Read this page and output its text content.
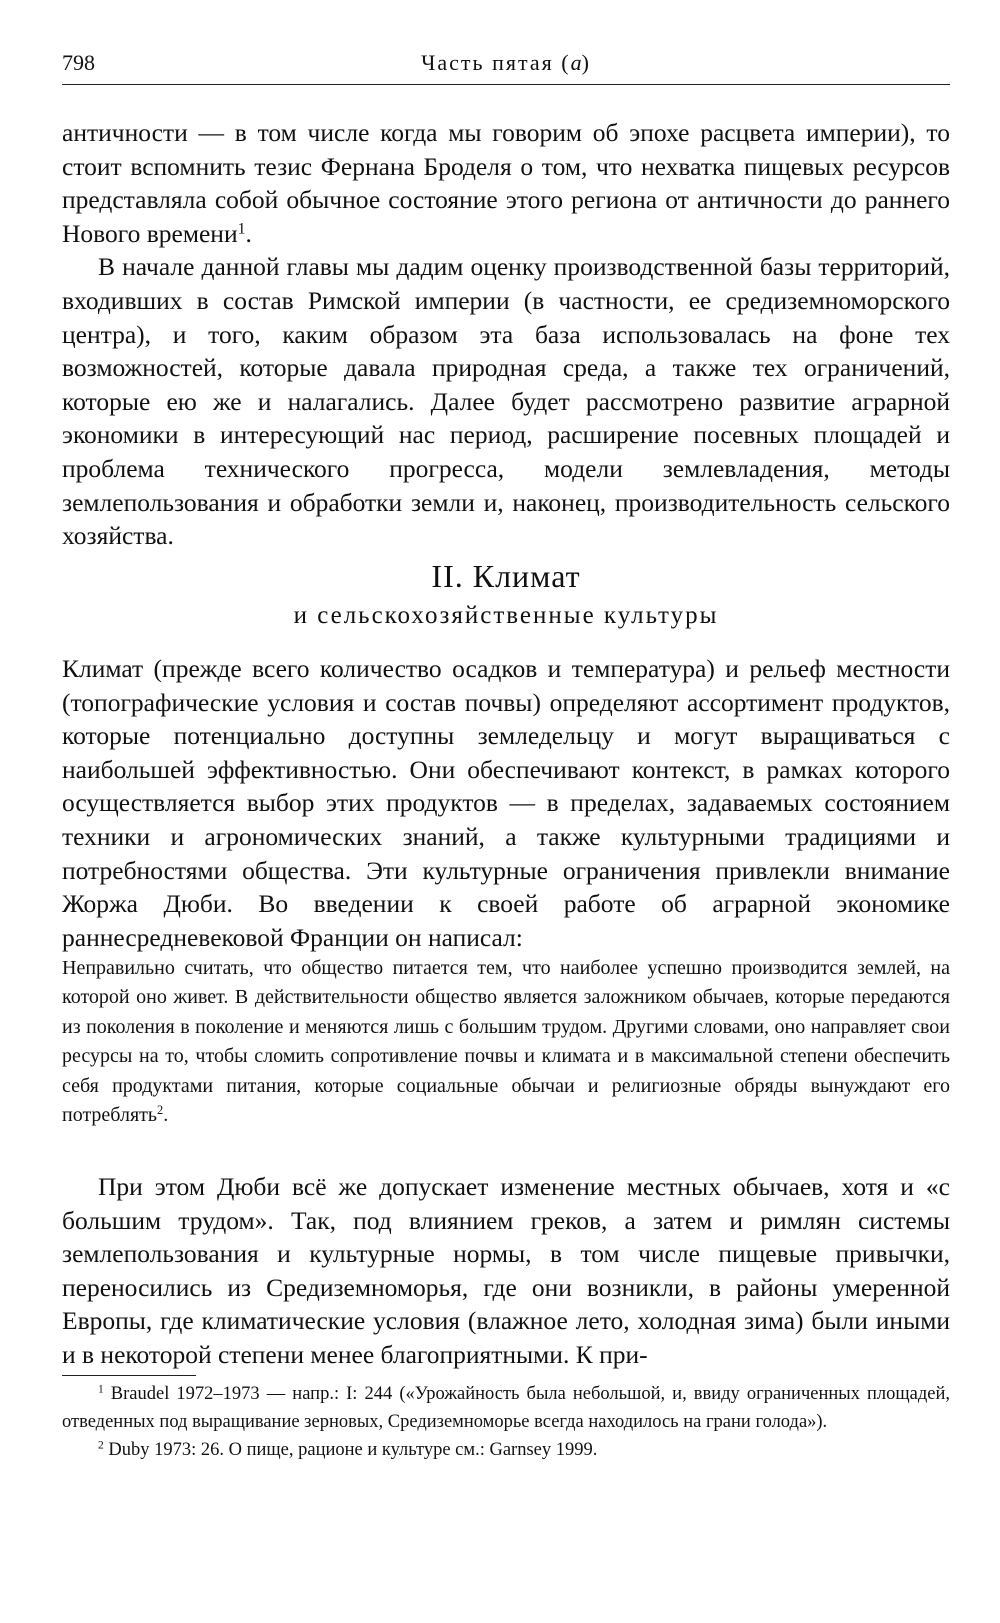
798	Часть пятая (a)

античности — в том числе когда мы говорим об эпохе расцвета империи), то стоит вспомнить тезис Фернана Броделя о том, что нехватка пищевых ресурсов представляла собой обычное состояние этого региона от античности до раннего Нового времени$^1$.

В начале данной главы мы дадим оценку производственной базы территорий, входивших в состав Римской империи (в частности, ее средиземноморского центра), и того, каким образом эта база использовалась на фоне тех возможностей, которые давала природная среда, а также тех ограничений, которые ею же и налагались. Далее будет рассмотрено развитие аграрной экономики в интересующий нас период, расширение посевных площадей и проблема технического прогресса, модели землевладения, методы землепользования и обработки земли и, наконец, производительность сельского хозяйства.

II. Климат
и сельскохозяйственные культуры

Климат (прежде всего количество осадков и температура) и рельеф местности (топографические условия и состав почвы) определяют ассортимент продуктов, которые потенциально доступны земледельцу и могут выращиваться с наибольшей эффективностью. Они обеспечивают контекст, в рамках которого осуществляется выбор этих продуктов — в пределах, задаваемых состоянием техники и агрономических знаний, а также культурными традициями и потребностями общества. Эти культурные ограничения привлекли внимание Жоржа Дюби. Во введении к своей работе об аграрной экономике раннесредневековой Франции он написал:

Неправильно считать, что общество питается тем, что наиболее успешно производится землей, на которой оно живет. В действительности общество является заложником обычаев, которые передаются из поколения в поколение и меняются лишь с большим трудом. Другими словами, оно направляет свои ресурсы на то, чтобы сломить сопротивление почвы и климата и в максимальной степени обеспечить себя продуктами питания, которые социальные обычаи и религиозные обряды вынуждают его потреблять$^2$.

При этом Дюби всё же допускает изменение местных обычаев, хотя и «с большим трудом». Так, под влиянием греков, а затем и римлян системы землепользования и культурные нормы, в том числе пищевые привычки, переносились из Средиземноморья, где они возникли, в районы умеренной Европы, где климатические условия (влажное лето, холодная зима) были иными и в некоторой степени менее благоприятными. К при-

$^1$ Braudel 1972–1973 — напр.: I: 244 («Урожайность была небольшой, и, ввиду ограниченных площадей, отведенных под выращивание зерновых, Средиземноморье всегда находилось на грани голода»).

$^2$ Duby 1973: 26. О пище, рационе и культуре см.: Garnsey 1999.
